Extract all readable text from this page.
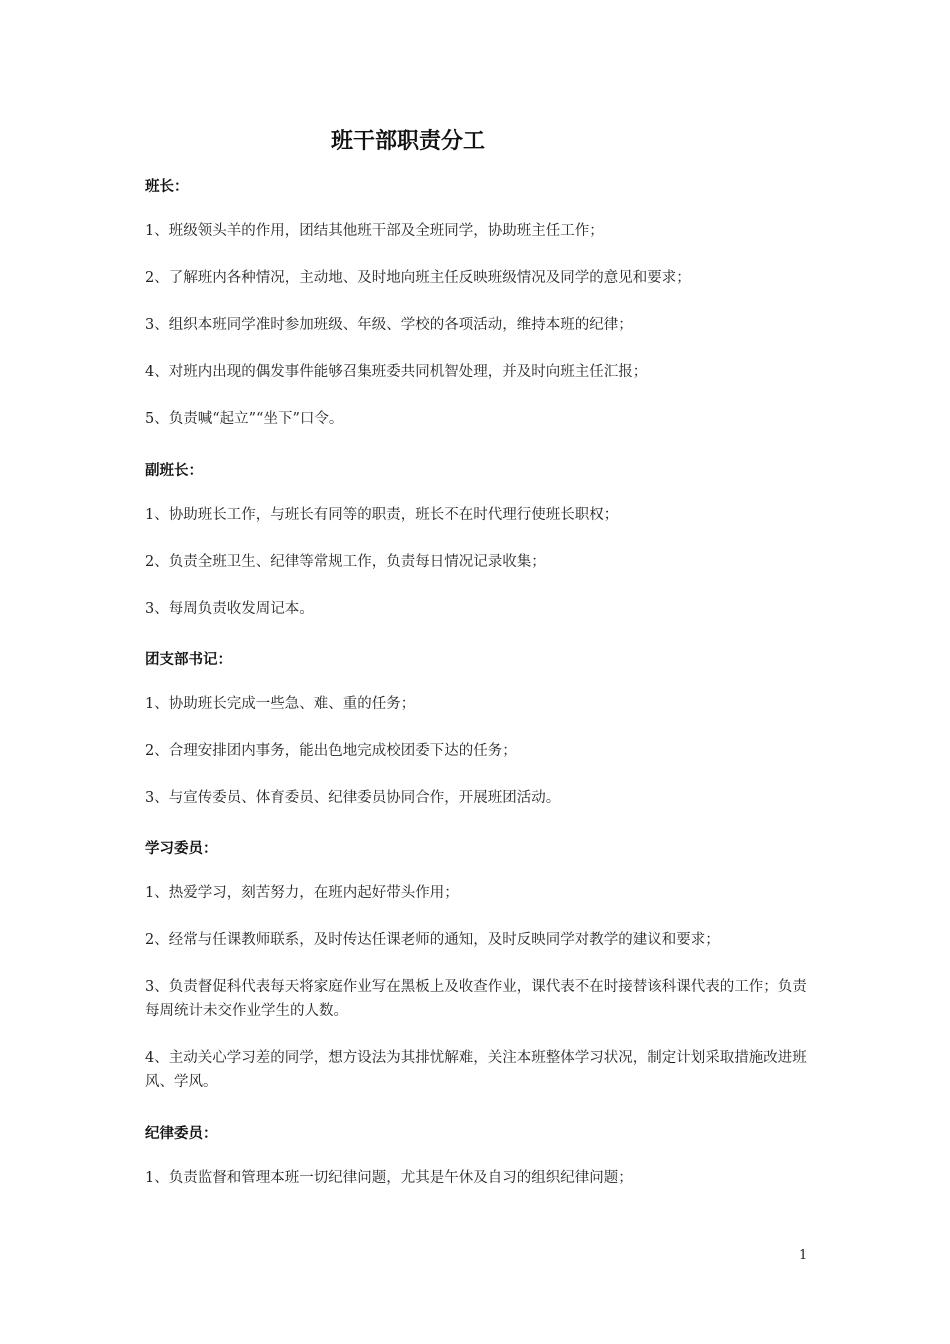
班干部职责分工
班长：
1、班级领头羊的作用，团结其他班干部及全班同学，协助班主任工作；
2、了解班内各种情况，主动地、及时地向班主任反映班级情况及同学的意见和要求；
3、组织本班同学准时参加班级、年级、学校的各项活动，维持本班的纪律；
4、对班内出现的偶发事件能够召集班委共同机智处理，并及时向班主任汇报；
5、负责喊“起立”“坐下”口令。
副班长：
1、协助班长工作，与班长有同等的职责，班长不在时代理行使班长职权；
2、负责全班卫生、纪律等常规工作，负责每日情况记录收集；
3、每周负责收发周记本。
团支部书记：
1、协助班长完成一些急、难、重的任务；
2、合理安排团内事务，能出色地完成校团委下达的任务；
3、与宣传委员、体育委员、纪律委员协同合作，开展班团活动。
学习委员：
1、热爱学习，刻苦努力，在班内起好带头作用；
2、经常与任课教师联系，及时传达任课老师的通知，及时反映同学对教学的建议和要求；
3、负责督促科代表每天将家庭作业写在黑板上及收查作业，课代表不在时接替该科课代表的工作；负责每周统计未交作业学生的人数。
4、主动关心学习差的同学，想方设法为其排忧解难，关注本班整体学习状况，制定计划采取措施改进班风、学风。
纪律委员：
1、负责监督和管理本班一切纪律问题，尤其是午休及自习的组织纪律问题；
1
